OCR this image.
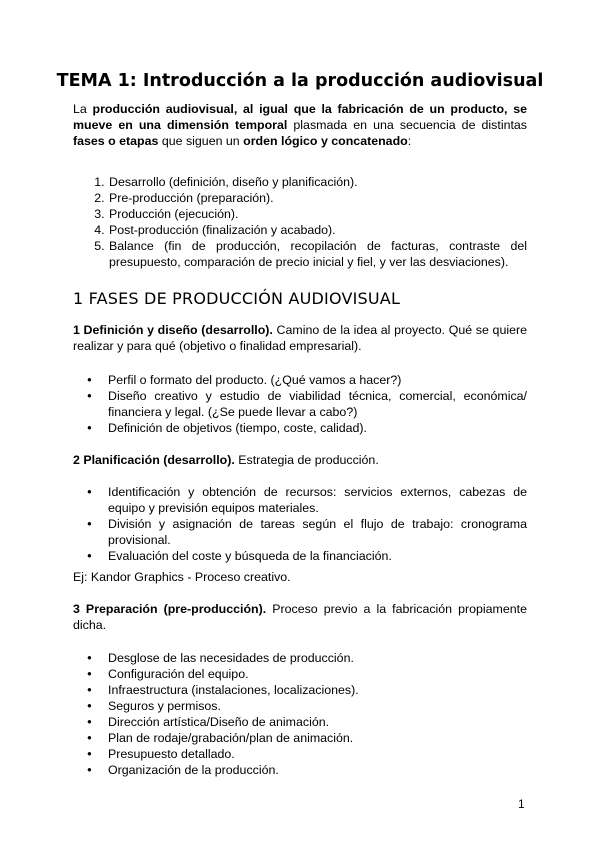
TEMA 1: Introducción a la producción audiovisual

La producción audiovisual, al igual que la fabricación de un producto, se mueve en una dimensión temporal plasmada en una secuencia de distintas fases o etapas que siguen un orden lógico y concatenado:

1. Desarrollo (definición, diseño y planificación).
2. Pre-producción (preparación).
3. Producción (ejecución).
4. Post-producción (finalización y acabado).
5. Balance (fin de producción, recopilación de facturas, contraste del presupuesto, comparación de precio inicial y fiel, y ver las desviaciones).
1 FASES DE PRODUCCIÓN AUDIOVISUAL

1 Definición y diseño (desarrollo). Camino de la idea al proyecto. Qué se quiere realizar y para qué (objetivo o finalidad empresarial).

● Perfil o formato del producto. (¿Qué vamos a hacer?)
● Diseño creativo y estudio de viabilidad técnica, comercial, económica/ financiera y legal. (¿Se puede llevar a cabo?)
● Definición de objetivos (tiempo, coste, calidad).

2 Planificación (desarrollo). Estrategia de producción.

● Identificación y obtención de recursos: servicios externos, cabezas de equipo y previsión equipos materiales.
● División y asignación de tareas según el flujo de trabajo: cronograma provisional.
● Evaluación del coste y búsqueda de la financiación.

Ej: Kandor Graphics - Proceso creativo.

3 Preparación (pre-producción). Proceso previo a la fabricación propiamente dicha.

● Desglose de las necesidades de producción.
● Configuración del equipo.
● Infraestructura (instalaciones, localizaciones).
● Seguros y permisos.
● Dirección artística/Diseño de animación.
● Plan de rodaje/grabación/plan de animación.
● Presupuesto detallado.
● Organización de la producción.
1
